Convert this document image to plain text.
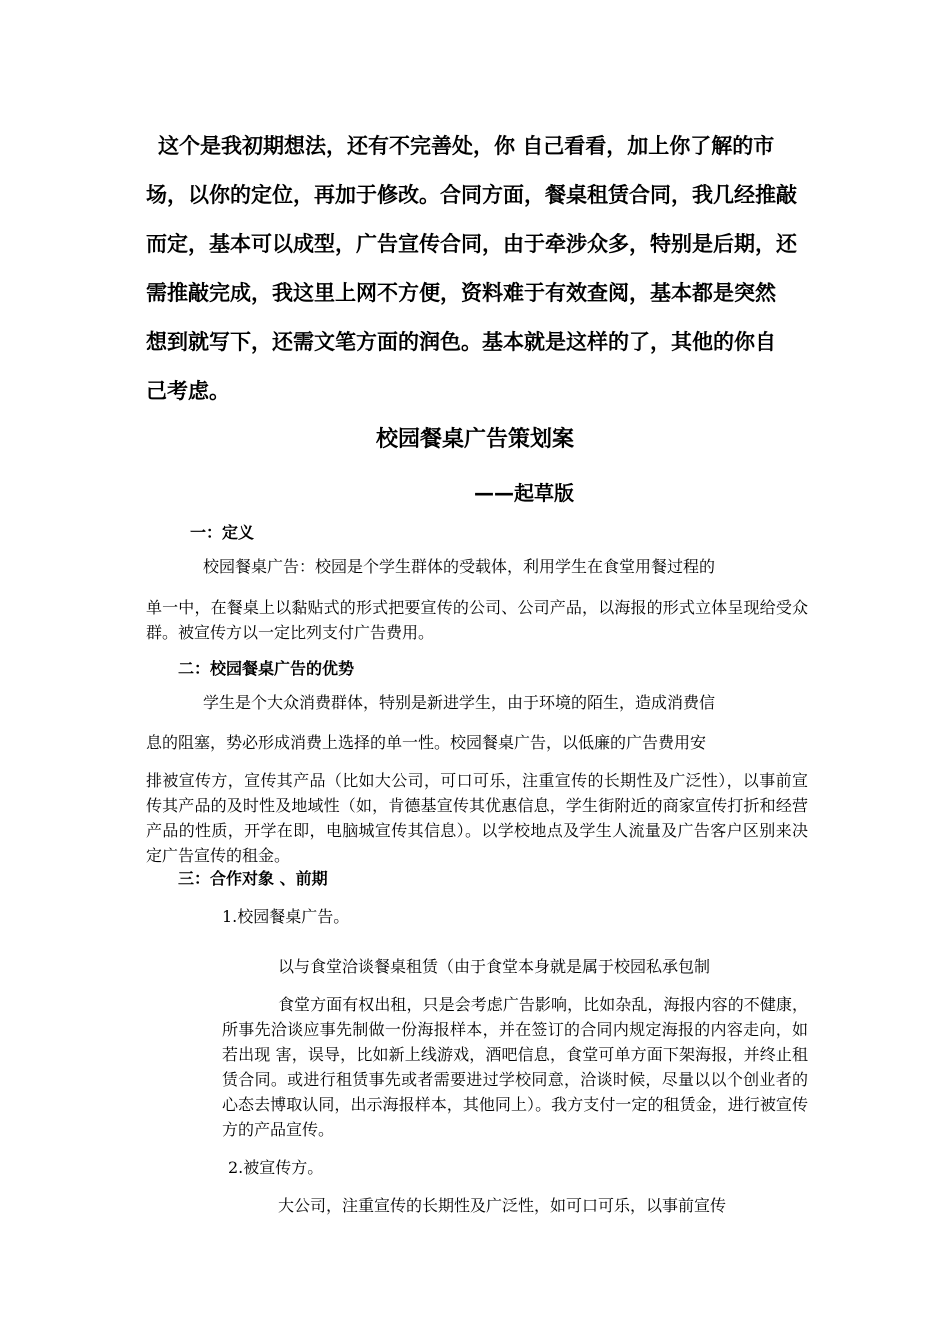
这个是我初期想法，还有不完善处，你 自己看看，加上你了解的市
场，以你的定位，再加于修改。合同方面，餐桌租赁合同，我几经推敲
而定，基本可以成型，广告宣传合同，由于牵涉众多，特别是后期，还
需推敲完成，我这里上网不方便，资料难于有效查阅，基本都是突然
想到就写下，还需文笔方面的润色。基本就是这样的了，其他的你自
己考虑。
校园餐桌广告策划案
——起草版
一：定义
校园餐桌广告：校园是个学生群体的受载体，利用学生在食堂用餐过程的
单一中，在餐桌上以黏贴式的形式把要宣传的公司、公司产品，以海报的形式立体呈现给受众群。被宣传方以一定比列支付广告费用。
二：校园餐桌广告的优势
学生是个大众消费群体，特别是新进学生，由于环境的陌生，造成消费信
息的阻塞，势必形成消费上选择的单一性。校园餐桌广告，以低廉的广告费用安
排被宣传方，宣传其产品（比如大公司，可口可乐，注重宣传的长期性及广泛性），以事前宣传其产品的及时性及地域性（如，肯德基宣传其优惠信息，学生街附近的商家宣传打折和经营产品的性质，开学在即，电脑城宣传其信息）。以学校地点及学生人流量及广告客户区别来决定广告宣传的租金。
三：合作对象 、前期
1.校园餐桌广告。
以与食堂洽谈餐桌租赁（由于食堂本身就是属于校园私承包制
食堂方面有权出租，只是会考虑广告影响，比如杂乱，海报内容的不健康，所事先洽谈应事先制做一份海报样本，并在签订的合同内规定海报的内容走向，如若出现 害，误导，比如新上线游戏，酒吧信息，食堂可单方面下架海报，并终止租赁合同。或进行租赁事先或者需要进过学校同意，洽谈时候，尽量以以个创业者的心态去博取认同，出示海报样本，其他同上）。我方支付一定的租赁金，进行被宣传方的产品宣传。
2.被宣传方。
大公司，注重宣传的长期性及广泛性，如可口可乐，以事前宣传
